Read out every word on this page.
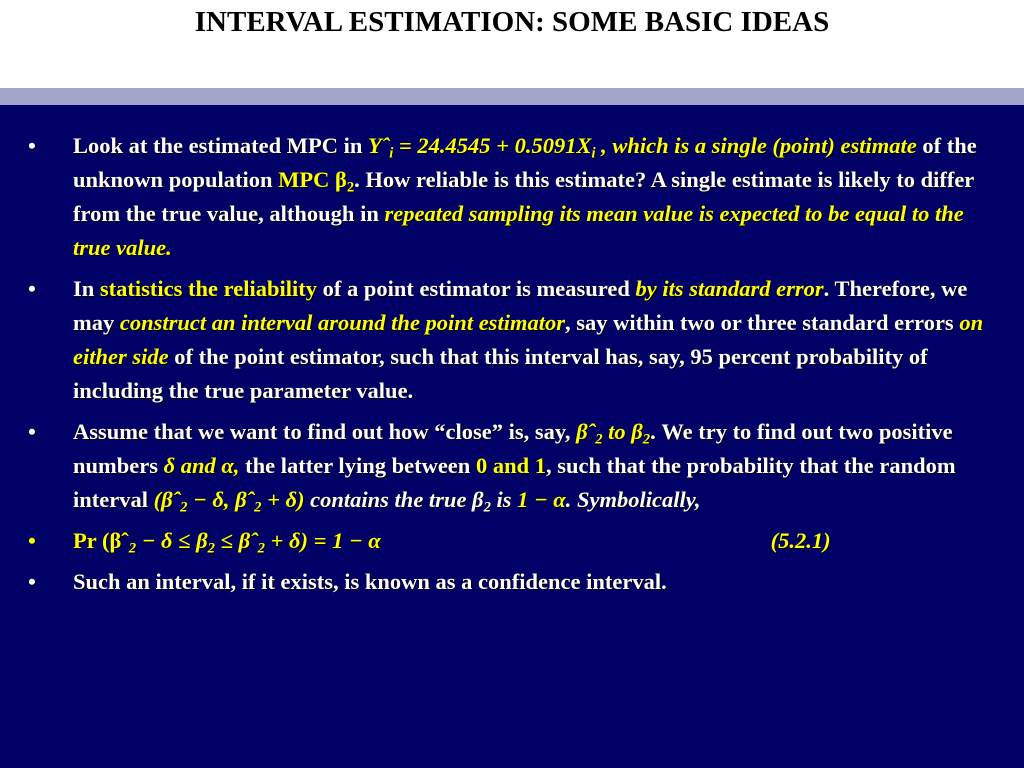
INTERVAL ESTIMATION: SOME BASIC IDEAS
• Look at the estimated MPC in Yˆ$_i$ = $24.4545 + 0.5091X_i$ , which is a single (point) estimate of the unknown population MPC $\beta_2$. How reliable is this estimate? A single estimate is likely to differ from the true value, although in repeated sampling its mean value is expected to be equal to the true value.
• In statistics the reliability of a point estimator is measured by its standard error. Therefore, we may construct an interval around the point estimator, say within two or three standard errors on either side of the point estimator, such that this interval has, say, 95 percent probability of including the true parameter value.
• Assume that we want to find out how “close” is, say, βˆ$_2$ to $\beta_2$. We try to find out two positive numbers δ and α, the latter lying between 0 and 1, such that the probability that the random interval (βˆ$_2$ − δ, βˆ$_2$ + δ) contains the true $\beta_2$ is 1 − α. Symbolically,
• Pr (βˆ$_2$ − $\delta \le \beta_2$ ≤ βˆ$_2$ + δ) = 1 − α	(5.2.1)
• Such an interval, if it exists, is known as a confidence interval.
